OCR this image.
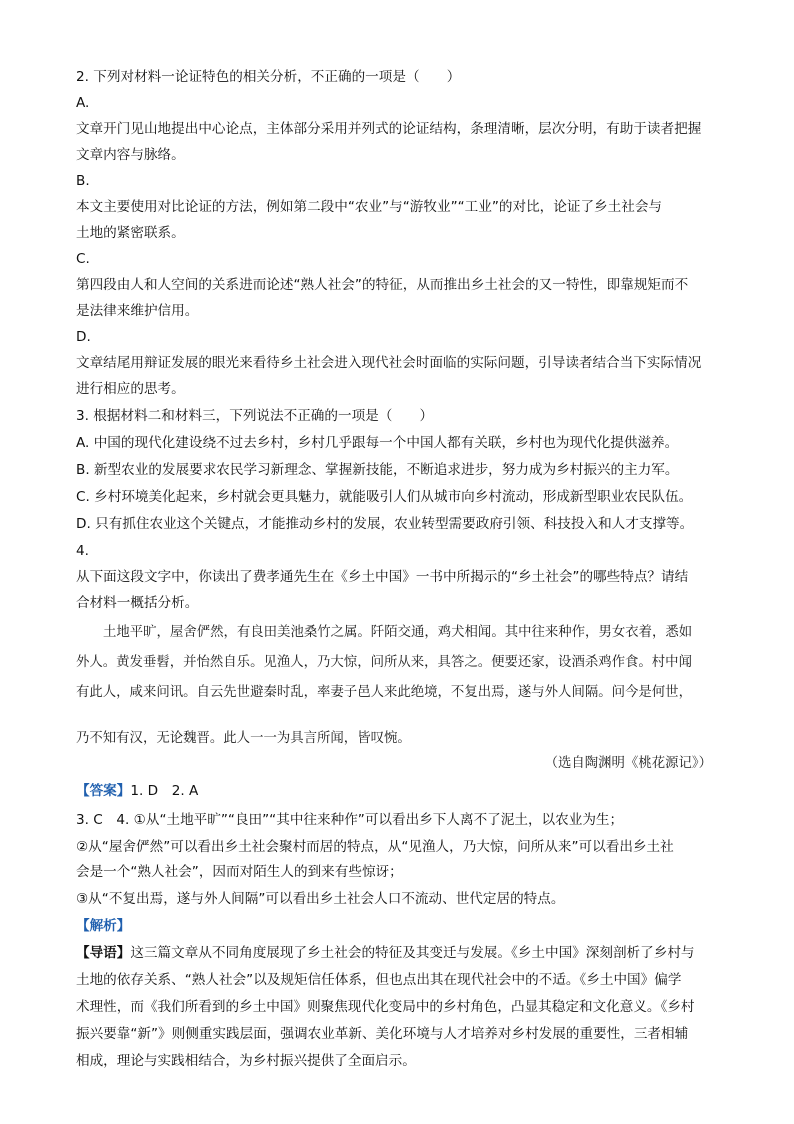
2. 下列对材料一论证特色的相关分析，不正确的一项是（　　）
A.
文章开门见山地提出中心论点，主体部分采用并列式的论证结构，条理清晰，层次分明，有助于读者把握
文章内容与脉络。
B.
本文主要使用对比论证的方法，例如第二段中“农业”与“游牧业”“工业”的对比，论证了乡土社会与
土地的紧密联系。
C.
第四段由人和人空间的关系进而论述“熟人社会”的特征，从而推出乡土社会的又一特性，即靠规矩而不
是法律来维护信用。
D.
文章结尾用辩证发展的眼光来看待乡土社会进入现代社会时面临的实际问题，引导读者结合当下实际情况
进行相应的思考。
3. 根据材料二和材料三，下列说法不正确的一项是（　　）
A. 中国的现代化建设绕不过去乡村，乡村几乎跟每一个中国人都有关联，乡村也为现代化提供滋养。
B. 新型农业的发展要求农民学习新理念、掌握新技能，不断追求进步，努力成为乡村振兴的主力军。
C. 乡村环境美化起来，乡村就会更具魅力，就能吸引人们从城市向乡村流动，形成新型职业农民队伍。
D. 只有抓住农业这个关键点，才能推动乡村的发展，农业转型需要政府引领、科技投入和人才支撑等。
4.
从下面这段文字中，你读出了费孝通先生在《乡土中国》一书中所揭示的“乡土社会”的哪些特点？请结
合材料一概括分析。
土地平旷，屋舍俨然，有良田美池桑竹之属。阡陌交通，鸡犬相闻。其中往来种作，男女衣着，悉如
外人。黄发垂髫，并怡然自乐。见渔人，乃大惊，问所从来，具答之。便要还家，设酒杀鸡作食。村中闻
有此人，咸来问讯。自云先世避秦时乱，率妻子邑人来此绝境，不复出焉，遂与外人间隔。问今是何世，
乃不知有汉，无论魏晋。此人一一为具言所闻，皆叹惋。
（选自陶渊明《桃花源记》）
【答案】1. D　2. A
3. C　4. ①从“土地平旷”“良田”“其中往来种作”可以看出乡下人离不了泥土，以农业为生；
②从“屋舍俨然”可以看出乡土社会聚村而居的特点，从“见渔人，乃大惊，问所从来”可以看出乡土社
会是一个“熟人社会”，因而对陌生人的到来有些惊讶；
③从“不复出焉，遂与外人间隔”可以看出乡土社会人口不流动、世代定居的特点。
【解析】
【导语】这三篇文章从不同角度展现了乡土社会的特征及其变迁与发展。《乡土中国》深刻剖析了乡村与
土地的依存关系、“熟人社会”以及规矩信任体系，但也点出其在现代社会中的不适。《乡土中国》偏学
术理性，而《我们所看到的乡土中国》则聚焦现代化变局中的乡村角色，凸显其稳定和文化意义。《乡村
振兴要靠“新”》则侧重实践层面，强调农业革新、美化环境与人才培养对乡村发展的重要性，三者相辅
相成，理论与实践相结合，为乡村振兴提供了全面启示。
